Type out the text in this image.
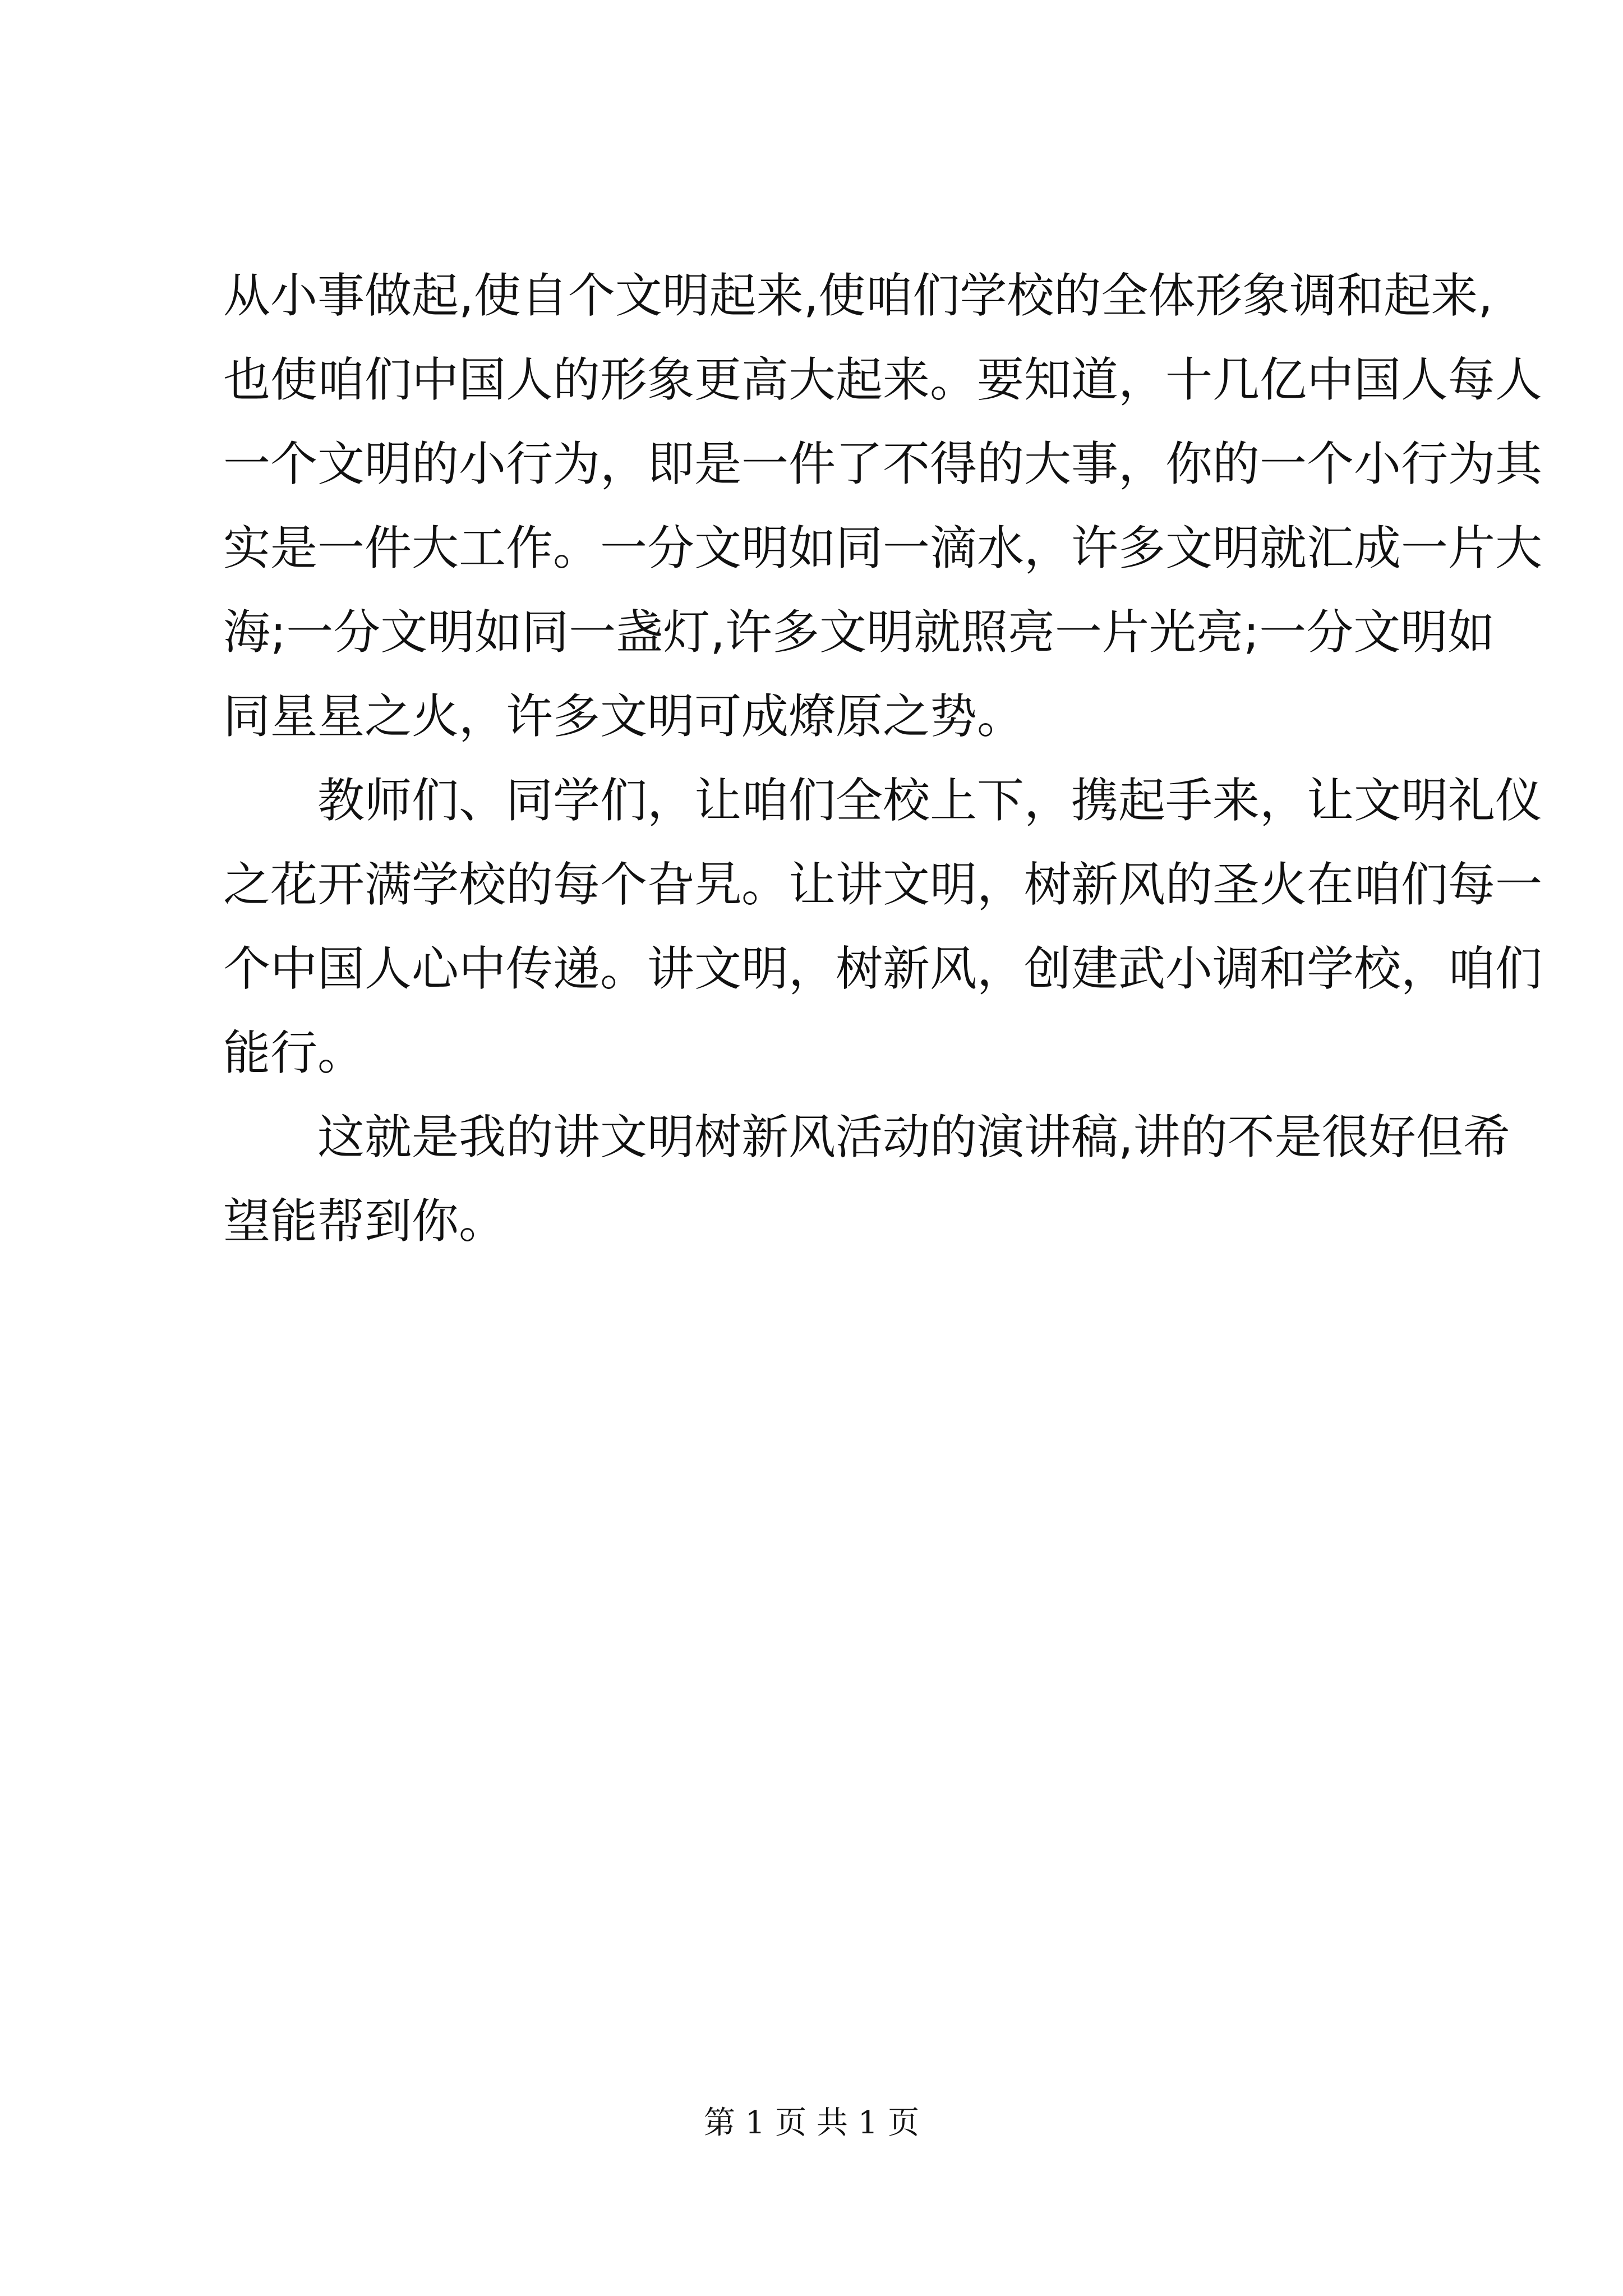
从小事做起,使自个文明起来,使咱们学校的全体形象调和起来,
也使咱们中国人的形象更高大起来。要知道，十几亿中国人每人
一个文明的小行为，即是一件了不得的大事，你的一个小行为其
实是一件大工作。一分文明如同一滴水，许多文明就汇成一片大
海;一分文明如同一盏灯,许多文明就照亮一片光亮;一分文明如
同星星之火，许多文明可成燎原之势。
教师们、同学们，让咱们全校上下，携起手来，让文明礼仪
之花开满学校的每个旮旯。让讲文明，树新风的圣火在咱们每一
个中国人心中传递。讲文明，树新风，创建武小调和学校，咱们
能行。
这就是我的讲文明树新风活动的演讲稿,讲的不是很好但希
望能帮到你。
第 1 页 共 1 页
